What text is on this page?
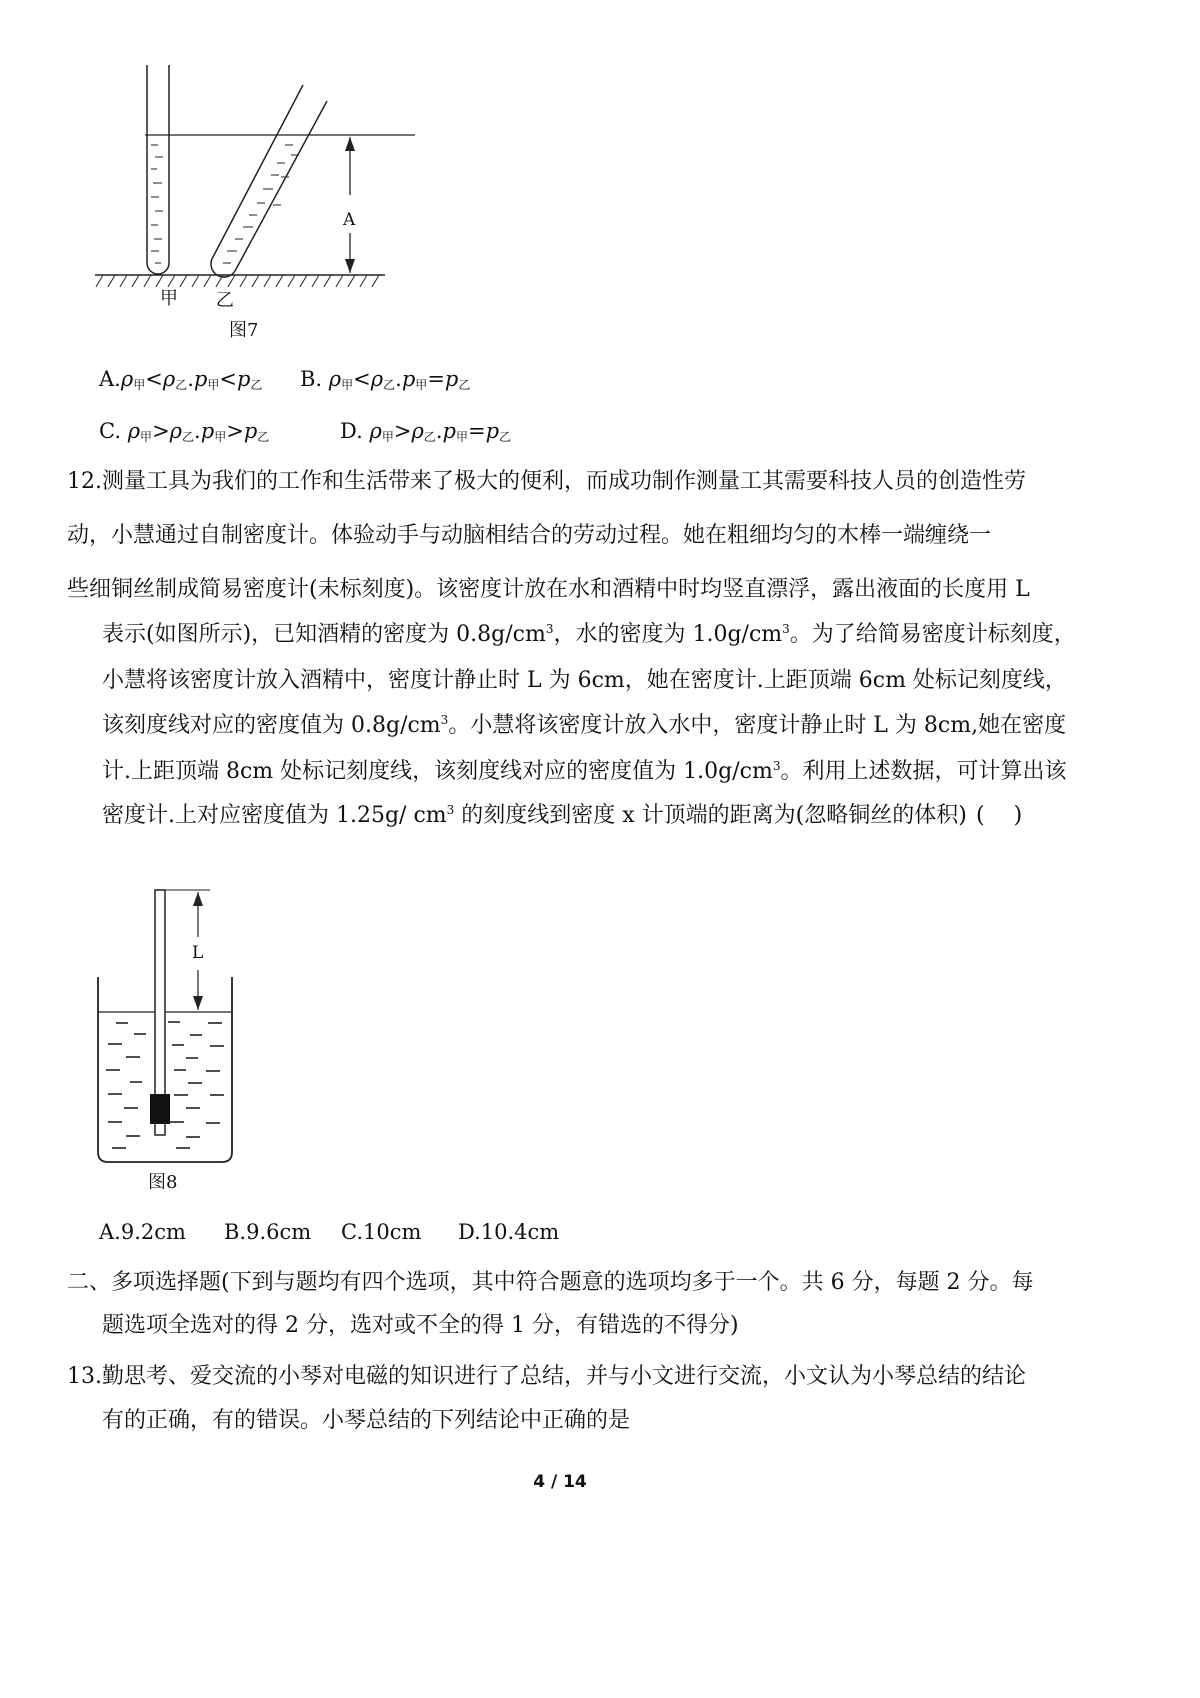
A
甲 乙
图7
$A.\rho_甲<\rho_乙.p_甲<p_乙$ B. $\rho_甲<\rho_乙.p_甲=p_乙$
C. $\rho_甲>\rho_乙.p_甲>p_乙$	D. $\rho_甲>\rho_乙.p_甲=p_乙$
12.测量工具为我们的工作和生活带来了极大的便利，而成功制作测量工其需要科技人员的创造性劳
动，小慧通过自制密度计。体验动手与动脑相结合的劳动过程。她在粗细均匀的木棒一端缠绕一
些细铜丝制成简易密度计(未标刻度)。该密度计放在水和酒精中时均竖直漂浮，露出液面的长度用 L
表示(如图所示)，已知酒精的密度为 $0.8g/cm^3$，水的密度为 $1.0g/cm^3$。为了给简易密度计标刻度，
小慧将该密度计放入酒精中，密度计静止时 L 为 6cm，她在密度计.上距顶端 6cm 处标记刻度线，
该刻度线对应的密度值为 $0.8g/cm^3$。小慧将该密度计放入水中，密度计静止时 L 为 8cm,她在密度
计.上距顶端 8cm 处标记刻度线，该刻度线对应的密度值为 $1.0g/cm^3$。利用上述数据，可计算出该
密度计.上对应密度值为 1.25g/ $cm^3$ 的刻度线到密度 x 计顶端的距离为(忽略铜丝的体积) (　 )
L
图8
A.9.2cm B.9.6cm C.10cm D.10.4cm
二、多项选择题(下到与题均有四个选项，其中符合题意的选项均多于一个。共 6 分，每题 2 分。每
题选项全选对的得 2 分，选对或不全的得 1 分，有错选的不得分)
13.勤思考、爱交流的小琴对电磁的知识进行了总结，并与小文进行交流，小文认为小琴总结的结论
有的正确，有的错误。小琴总结的下列结论中正确的是
4 / 14
